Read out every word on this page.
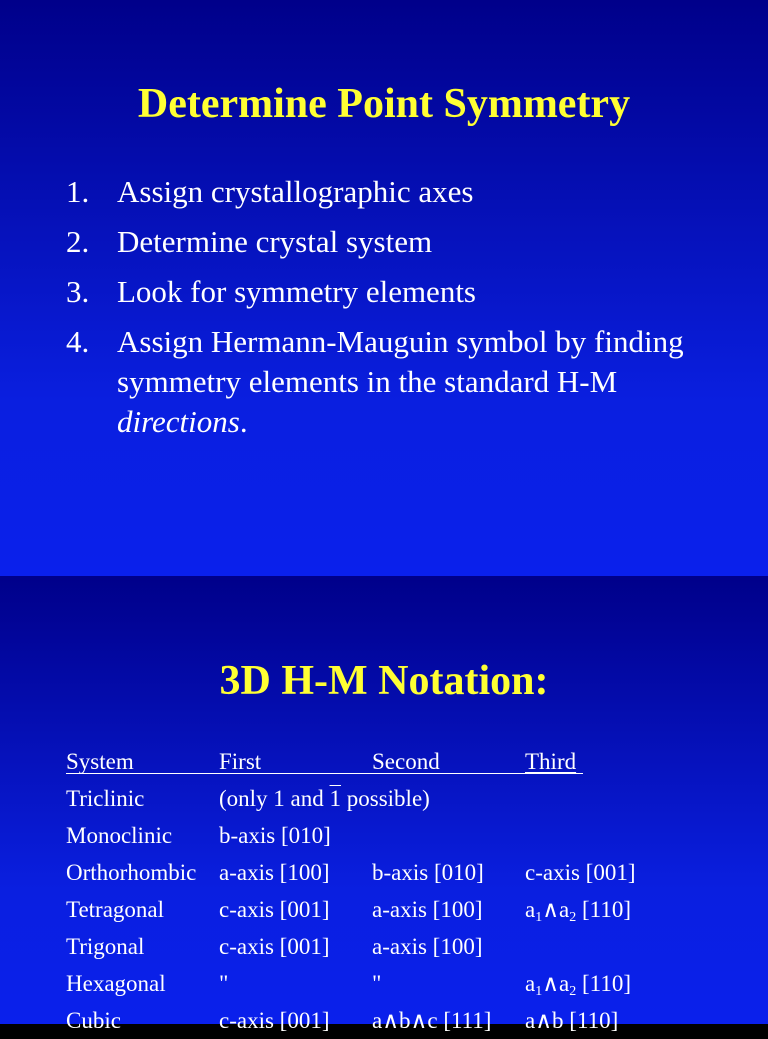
Determine Point Symmetry
1. Assign crystallographic axes
2. Determine crystal system
3. Look for symmetry elements
4. Assign Hermann-Mauguin symbol by finding symmetry elements in the standard H-M directions.
3D H-M Notation:
System	First	Second	Third
Triclinic	(only 1 and 1 possible)		
Monoclinic	b-axis [010]		
Orthorhombic	a-axis [100]	b-axis [010]	c-axis [001]
Tetragonal	c-axis [001]	a-axis [100]	$a_1\wedge a_2$ [110]
Trigonal	c-axis [001]	a-axis [100]	
Hexagonal	"	"	$a_1\wedge a_2$ [110]
Cubic	c-axis [001]	a∧b∧c [111]	a∧b [110]
